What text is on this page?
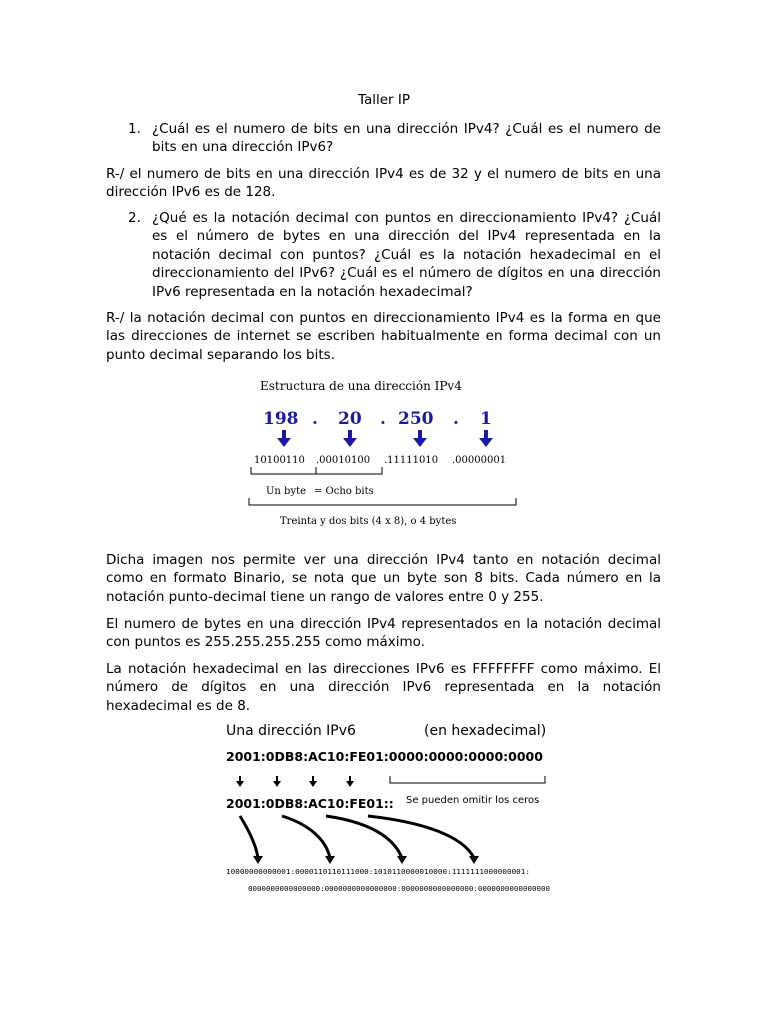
Taller IP
1. ¿Cuál es el numero de bits en una dirección IPv4? ¿Cuál es el numero de bits en una dirección IPv6?
R-/ el numero de bits en una dirección IPv4 es de 32 y el numero de bits en una dirección IPv6 es de 128.
2. ¿Qué es la notación decimal con puntos en direccionamiento IPv4? ¿Cuál es el número de bytes en una dirección del IPv4 representada en la notación decimal con puntos? ¿Cuál es la notación hexadecimal en el direccionamiento del IPv6? ¿Cuál es el número de dígitos en una dirección IPv6 representada en la notación hexadecimal?
R-/ la notación decimal con puntos en direccionamiento IPv4 es la forma en que las direcciones de internet se escriben habitualmente en forma decimal con un punto decimal separando los bits.
Estructura de una dirección IPv4
198 . 20 . 250 . 1
10100110 .00010100 .11111010 .00000001
Un byte = Ocho bits
Treinta y dos bits (4 x 8), o 4 bytes
Dicha imagen nos permite ver una dirección IPv4 tanto en notación decimal como en formato Binario, se nota que un byte son 8 bits. Cada número en la notación punto-decimal tiene un rango de valores entre 0 y 255.
El numero de bytes en una dirección IPv4 representados en la notación decimal con puntos es 255.255.255.255 como máximo.
La notación hexadecimal en las direcciones IPv6 es FFFFFFFF como máximo. El número de dígitos en una dirección IPv6 representada en la notación hexadecimal es de 8.
Una dirección IPv6	(en hexadecimal)
2001:0DB8:AC10:FE01:0000:0000:0000:0000
2001:0DB8:AC10:FE01:: Se pueden omitir los ceros
10000000000001:0000110110111000:1010110000010000:1111111000000001:
0000000000000000:0000000000000000:0000000000000000:0000000000000000
